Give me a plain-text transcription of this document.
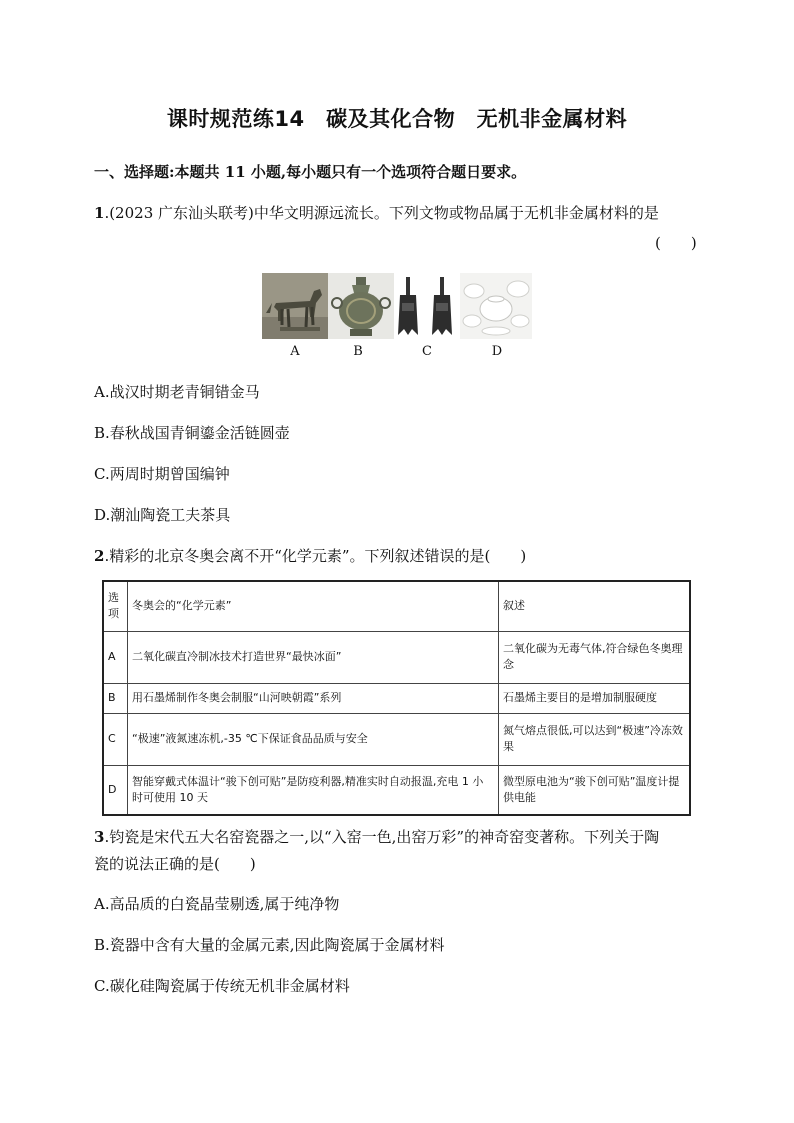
课时规范练14　碳及其化合物　无机非金属材料
一、选择题:本题共 11 小题,每小题只有一个选项符合题日要求。
1.(2023 广东汕头联考)中华文明源远流长。下列文物或物品属于无机非金属材料的是
(　　)
A	B	C	D
A.战汉时期老青铜错金马
B.春秋战国青铜鎏金活链圆壶
C.两周时期曾国编钟
D.潮汕陶瓷工夫茶具
2.精彩的北京冬奥会离不开“化学元素”。下列叙述错误的是(　　)
选项	冬奥会的“化学元素”	叙述
A	二氧化碳直冷制冰技术打造世界“最快冰面”	二氧化碳为无毒气体,符合绿色冬奥理念
B	用石墨烯制作冬奥会制服“山河映朝霞”系列	石墨烯主要目的是增加制服硬度
C	“极速”液氮速冻机,-35 ℃下保证食品品质与安全	氮气熔点很低,可以达到“极速”冷冻效果
D	智能穿戴式体温计“骏下创可贴”是防疫利器,精准实时自动报温,充电 1 小时可使用 10 天	微型原电池为“骏下创可贴”温度计提供电能
3.钧瓷是宋代五大名窑瓷器之一,以“入窑一色,出窑万彩”的神奇窑变著称。下列关于陶
瓷的说法正确的是(　　)
A.高品质的白瓷晶莹剔透,属于纯净物
B.瓷器中含有大量的金属元素,因此陶瓷属于金属材料
C.碳化硅陶瓷属于传统无机非金属材料
